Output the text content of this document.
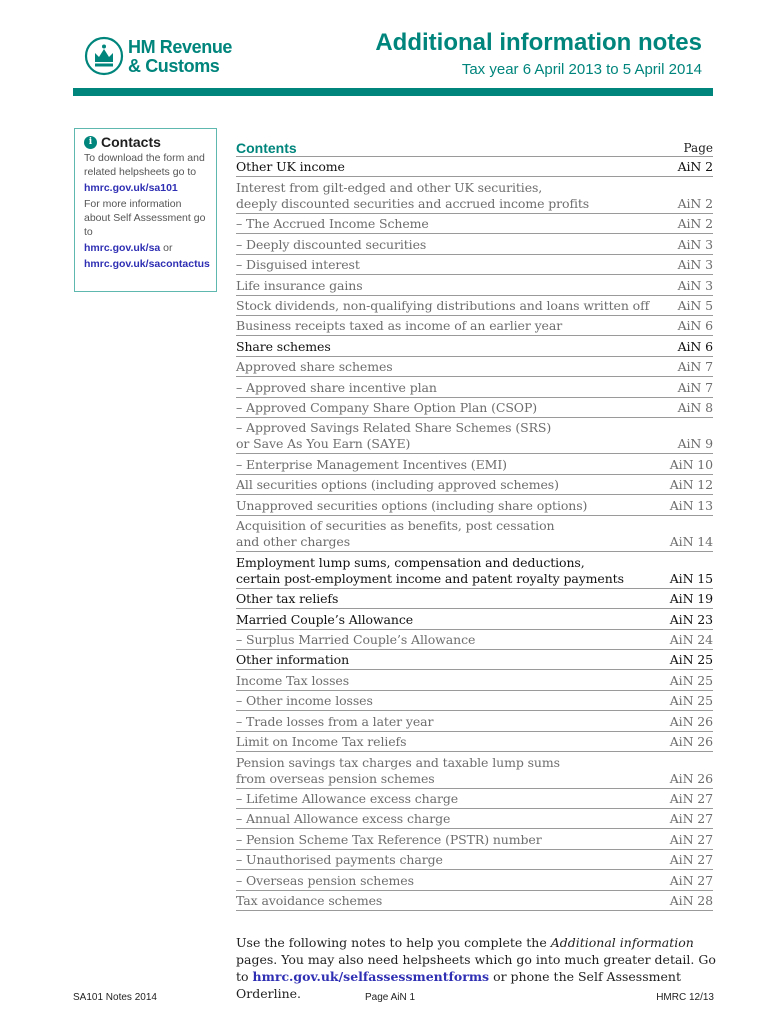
HM Revenue
& Customs
Additional information notes
Tax year 6 April 2013 to 5 April 2014
i Contacts

To download the form and related helpsheets go to

hmrc.gov.uk/sa101

For more information about Self Assessment go to

hmrc.gov.uk/sa or

hmrc.gov.uk/sacontactus

Contents	Page
Other UK income	AiN 2
Interest from gilt-edged and other UK securities,
deeply discounted securities and accrued income profits	AiN 2
– The Accrued Income Scheme	AiN 2
– Deeply discounted securities	AiN 3
– Disguised interest	AiN 3
Life insurance gains	AiN 3
Stock dividends, non-qualifying distributions and loans written off AiN 5
Business receipts taxed as income of an earlier year	AiN 6
Share schemes	AiN 6
Approved share schemes	AiN 7
– Approved share incentive plan	AiN 7
– Approved Company Share Option Plan (CSOP)	AiN 8
– Approved Savings Related Share Schemes (SRS)
or Save As You Earn (SAYE)	AiN 9
– Enterprise Management Incentives (EMI)	AiN 10
All securities options (including approved schemes)	AiN 12
Unapproved securities options (including share options)	AiN 13
Acquisition of securities as benefits, post cessation
and other charges	AiN 14
Employment lump sums, compensation and deductions,
certain post-employment income and patent royalty payments	AiN 15
Other tax reliefs	AiN 19
Married Couple’s Allowance	AiN 23
– Surplus Married Couple’s Allowance	AiN 24
Other information	AiN 25
Income Tax losses	AiN 25
– Other income losses	AiN 25
– Trade losses from a later year	AiN 26
Limit on Income Tax reliefs	AiN 26
Pension savings tax charges and taxable lump sums
from overseas pension schemes	AiN 26
– Lifetime Allowance excess charge	AiN 27
– Annual Allowance excess charge	AiN 27
– Pension Scheme Tax Reference (PSTR) number	AiN 27
– Unauthorised payments charge	AiN 27
– Overseas pension schemes	AiN 27
Tax avoidance schemes	AiN 28

Use the following notes to help you complete the Additional information pages. You may also need helpsheets which go into much greater detail. Go to hmrc.gov.uk/selfassessmentforms or phone the Self Assessment Orderline.

SA101 Notes 2014	Page AiN 1	HMRC 12/13
